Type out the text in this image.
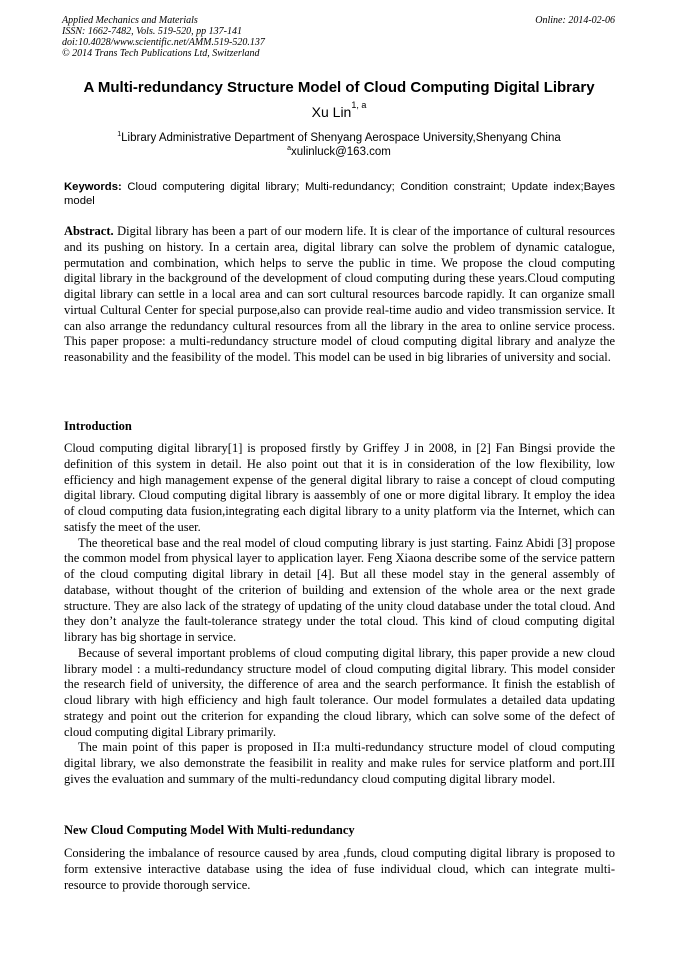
Applied Mechanics and Materials
ISSN: 1662-7482, Vols. 519-520, pp 137-141
doi:10.4028/www.scientific.net/AMM.519-520.137
© 2014 Trans Tech Publications Ltd, Switzerland
Online: 2014-02-06
A Multi-redundancy Structure Model of Cloud Computing Digital Library
Xu Lin$^{1, a}$
$^1$Library Administrative Department of Shenyang Aerospace University,Shenyang China
$^a$xulinluck@163.com
Keywords: Cloud computering digital library; Multi-redundancy; Condition constraint; Update index;Bayes model

Abstract. Digital library has been a part of our modern life. It is clear of the importance of cultural resources and its pushing on history. In a certain area, digital library can solve the problem of dynamic catalogue, permutation and combination, which helps to serve the public in time. We propose the cloud computing digital library in the background of the development of cloud computing during these years.Cloud computing digital library can settle in a local area and can sort cultural resources barcode rapidly. It can organize small virtual Cultural Center for special purpose,also can provide real-time audio and video transmission service. It can also arrange the redundancy cultural resources from all the library in the area to online service process. This paper propose: a multi-redundancy structure model of cloud computing digital library and analyze the reasonability and the feasibility of the model. This model can be used in big libraries of university and social.

Introduction

Cloud computing digital library[1] is proposed firstly by Griffey J in 2008, in [2] Fan Bingsi provide the definition of this system in detail. He also point out that it is in consideration of the low flexibility, low efficiency and high management expense of the general digital library to raise a concept of cloud computing digital library. Cloud computing digital library is aassembly of one or more digital library. It employ the idea of cloud computing data fusion,integrating each digital library to a unity platform via the Internet, which can satisfy the meet of the user.

The theoretical base and the real model of cloud computing library is just starting. Fainz Abidi [3] propose the common model from physical layer to application layer. Feng Xiaona describe some of the service pattern of the cloud computing digital library in detail [4]. But all these model stay in the general assembly of database, without thought of the criterion of building and extension of the whole area or the next grade structure. They are also lack of the strategy of updating of the unity cloud database under the total cloud. And they don’t analyze the fault-tolerance strategy under the total cloud. This kind of cloud computing digital library has big shortage in service.

Because of several important problems of cloud computing digital library, this paper provide a new cloud library model : a multi-redundancy structure model of cloud computing digital library. This model consider the research field of university, the difference of area and the search performance. It finish the establish of cloud library with high efficiency and high fault tolerance. Our model formulates a detailed data updating strategy and point out the criterion for expanding the cloud library, which can solve some of the defect of cloud computing digital Library primarily.

The main point of this paper is proposed in II:a multi-redundancy structure model of cloud computing digital library, we also demonstrate the feasibilit in reality and make rules for service platform and port.III gives the evaluation and summary of the multi-redundancy cloud computing digital library model.

New Cloud Computing Model With Multi-redundancy

Considering the imbalance of resource caused by area ,funds, cloud computing digital library is proposed to form extensive interactive database using the idea of fuse individual cloud, which can integrate multi-resource to provide thorough service.
